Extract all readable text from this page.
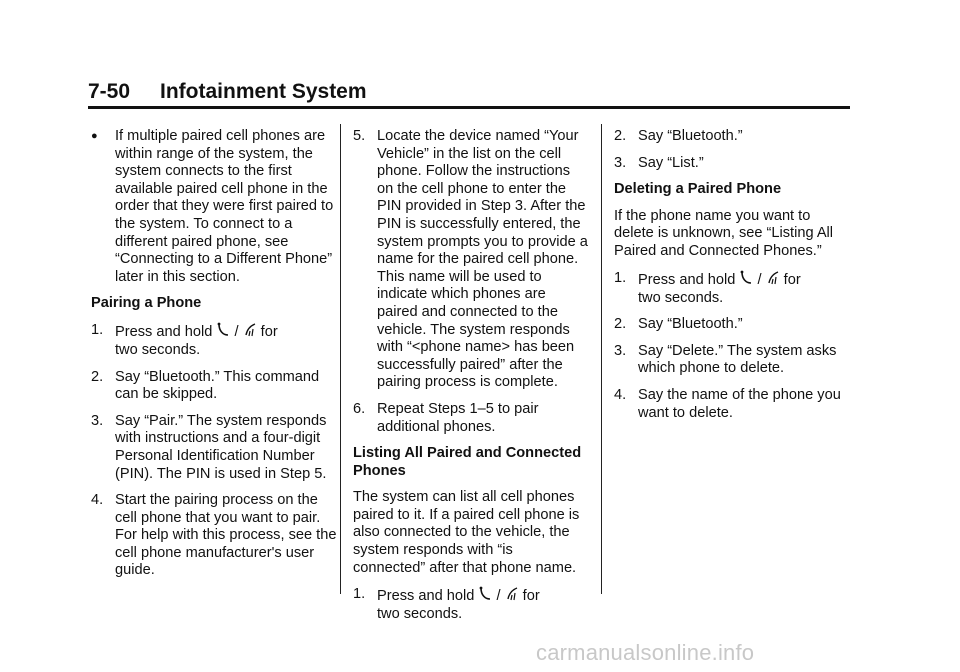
7-50 Infotainment System
●	If multiple paired cell phones are within range of the system, the system connects to the first available paired cell phone in the order that they were first paired to the system. To connect to a different paired phone, see “Connecting to a Different Phone” later in this section.
Pairing a Phone
1. Press and hold / for
two seconds.
2. Say “Bluetooth.” This command can be skipped.
3. Say “Pair.” The system responds with instructions and a four-digit Personal Identification Number (PIN). The PIN is used in Step 5.
4. Start the pairing process on the cell phone that you want to pair. For help with this process, see the cell phone manufacturer's user guide.
5. Locate the device named “Your Vehicle” in the list on the cell phone. Follow the instructions on the cell phone to enter the PIN provided in Step 3. After the PIN is successfully entered, the system prompts you to provide a name for the paired cell phone. This name will be used to indicate which phones are paired and connected to the vehicle. The system responds with “<phone name> has been successfully paired” after the pairing process is complete.
6. Repeat Steps 1–5 to pair additional phones.
Listing All Paired and Connected Phones
The system can list all cell phones paired to it. If a paired cell phone is also connected to the vehicle, the system responds with “is connected” after that phone name.
1. Press and hold / for
two seconds.
2. Say “Bluetooth.”
3. Say “List.”
Deleting a Paired Phone
If the phone name you want to delete is unknown, see “Listing All Paired and Connected Phones.”
1. Press and hold / for
two seconds.
2. Say “Bluetooth.”
3. Say “Delete.” The system asks which phone to delete.
4. Say the name of the phone you want to delete.
carmanualsonline.info
